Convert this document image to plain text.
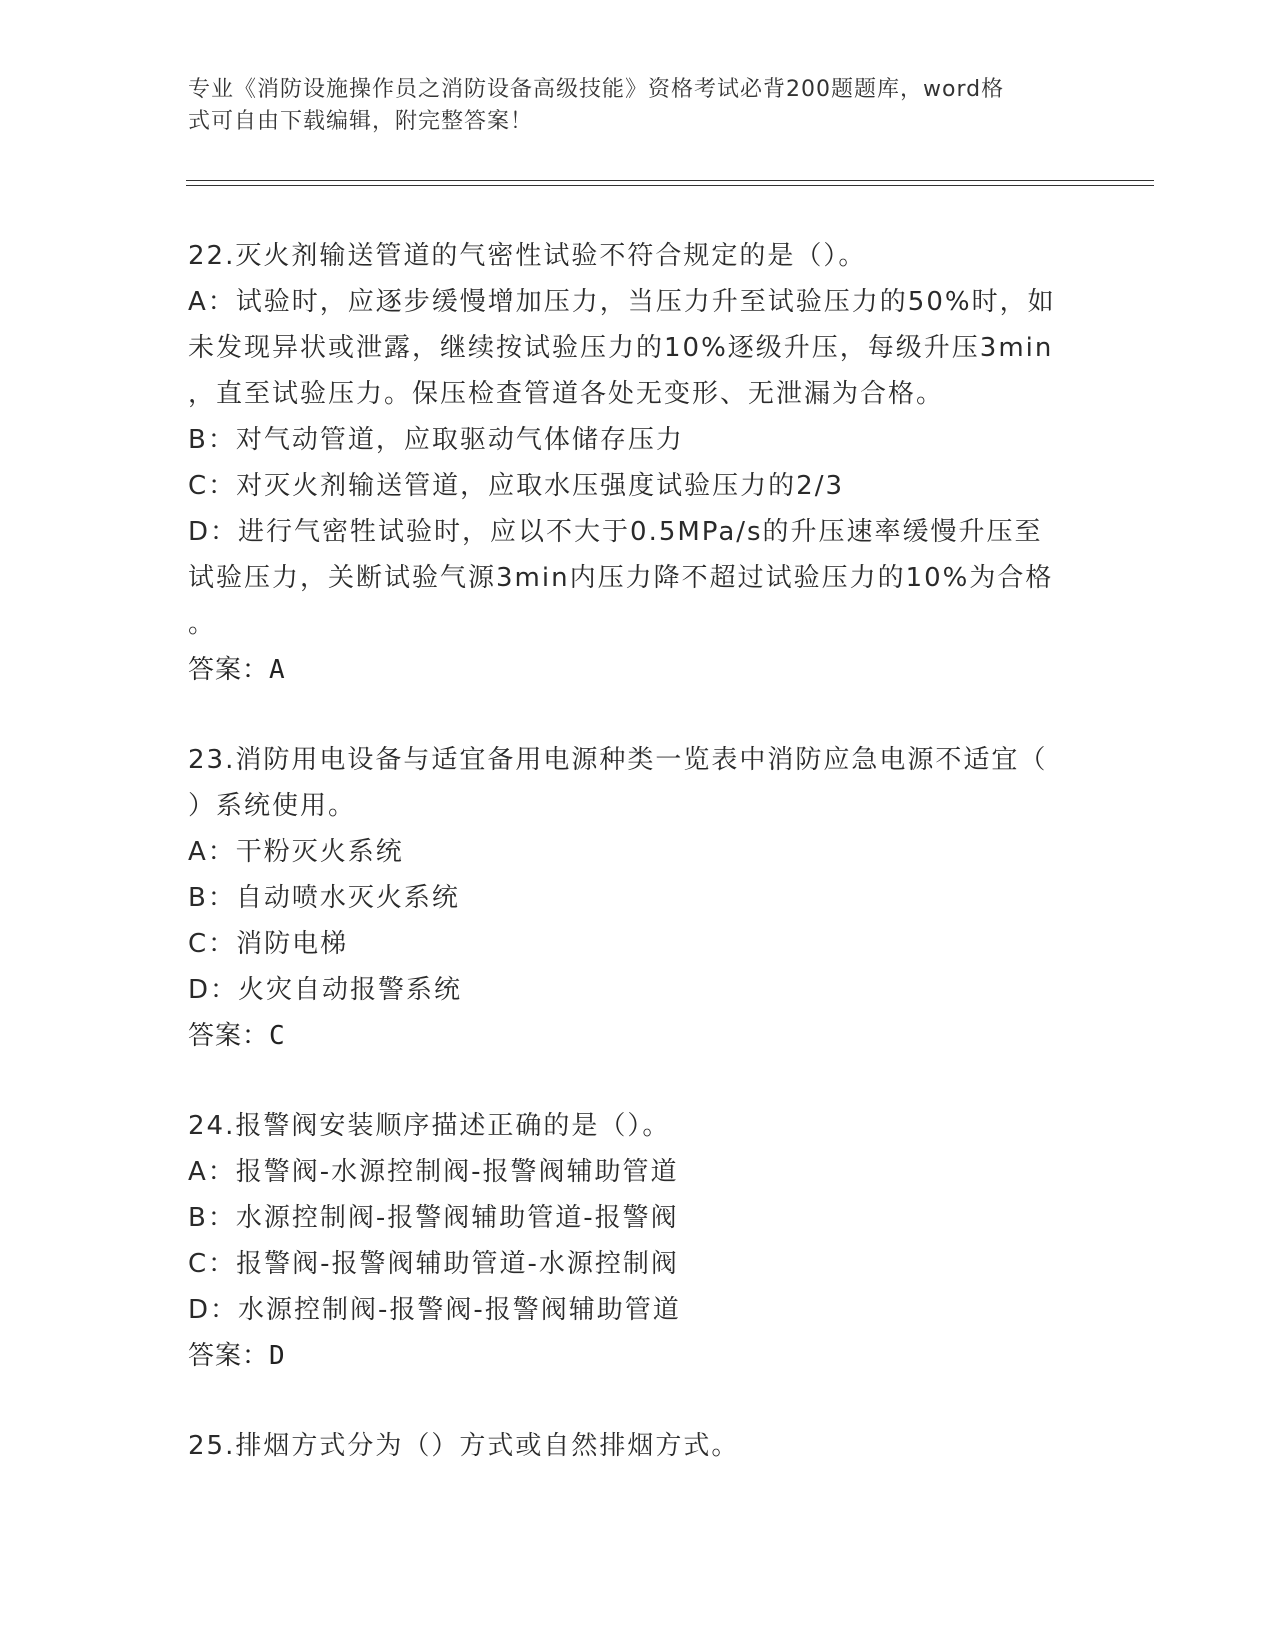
专业《消防设施操作员之消防设备高级技能》资格考试必背200题题库，word格
式可自由下载编辑，附完整答案！
22.灭火剂输送管道的气密性试验不符合规定的是（）。
A：试验时，应逐步缓慢增加压力，当压力升至试验压力的50%时，如
未发现异状或泄露，继续按试验压力的10%逐级升压，每级升压3min
，直至试验压力。保压检查管道各处无变形、无泄漏为合格。
B：对气动管道，应取驱动气体储存压力
C：对灭火剂输送管道，应取水压强度试验压力的2/3
D：进行气密牲试验时，应以不大于0.5MPa/s的升压速率缓慢升压至
试验压力，关断试验气源3min内压力降不超过试验压力的10%为合格
。
答案：A
23.消防用电设备与适宜备用电源种类一览表中消防应急电源不适宜（
）系统使用。
A：干粉灭火系统
B：自动喷水灭火系统
C：消防电梯
D：火灾自动报警系统
答案：C
24.报警阀安装顺序描述正确的是（）。
A：报警阀-水源控制阀-报警阀辅助管道
B：水源控制阀-报警阀辅助管道-报警阀
C：报警阀-报警阀辅助管道-水源控制阀
D：水源控制阀-报警阀-报警阀辅助管道
答案：D
25.排烟方式分为（）方式或自然排烟方式。
